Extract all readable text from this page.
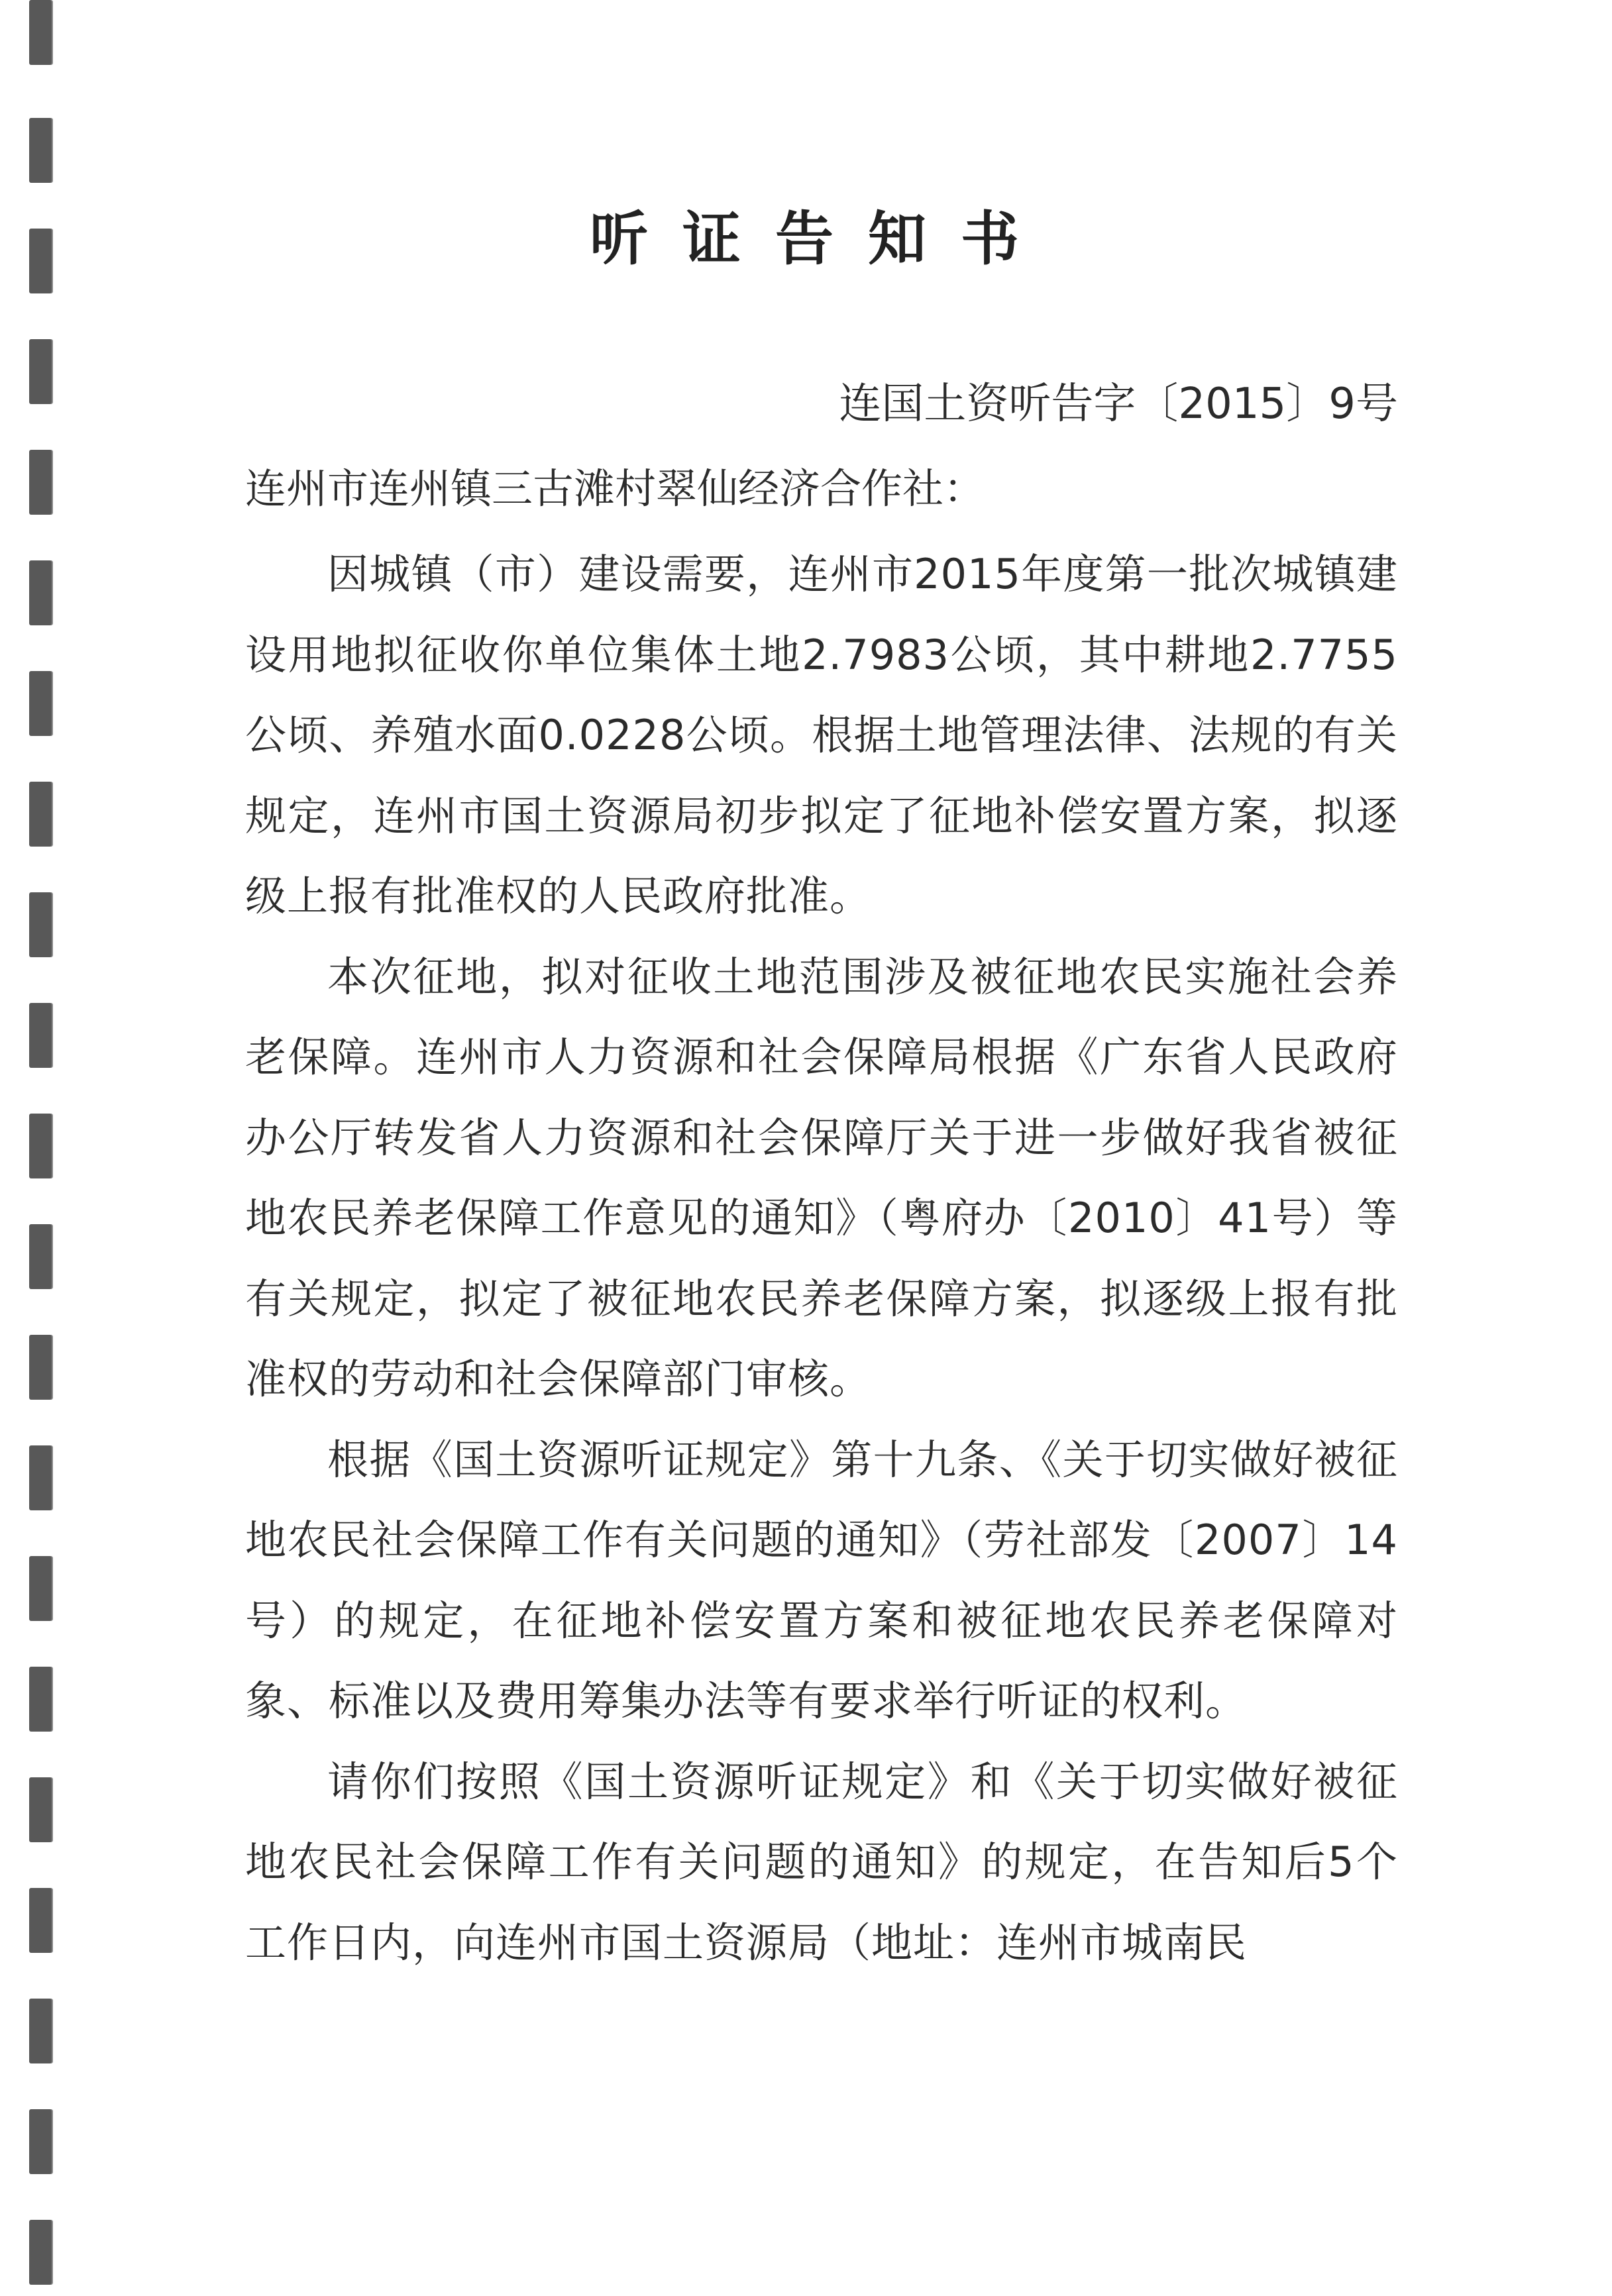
听证告知书
连国土资听告字〔2015〕9号
连州市连州镇三古滩村翠仙经济合作社：

因城镇（市）建设需要，连州市2015年度第一批次城镇建设用地拟征收你单位集体土地2.7983公顷，其中耕地2.7755公顷、养殖水面0.0228公顷。根据土地管理法律、法规的有关规定，连州市国土资源局初步拟定了征地补偿安置方案，拟逐级上报有批准权的人民政府批准。

本次征地，拟对征收土地范围涉及被征地农民实施社会养老保障。连州市人力资源和社会保障局根据《广东省人民政府办公厅转发省人力资源和社会保障厅关于进一步做好我省被征地农民养老保障工作意见的通知》（粤府办〔2010〕41号）等有关规定，拟定了被征地农民养老保障方案，拟逐级上报有批准权的劳动和社会保障部门审核。

根据《国土资源听证规定》第十九条、《关于切实做好被征地农民社会保障工作有关问题的通知》（劳社部发〔2007〕14号）的规定，在征地补偿安置方案和被征地农民养老保障对象、标准以及费用筹集办法等有要求举行听证的权利。

请你们按照《国土资源听证规定》和《关于切实做好被征地农民社会保障工作有关问题的通知》的规定，在告知后5个工作日内，向连州市国土资源局（地址：连州市城南民
